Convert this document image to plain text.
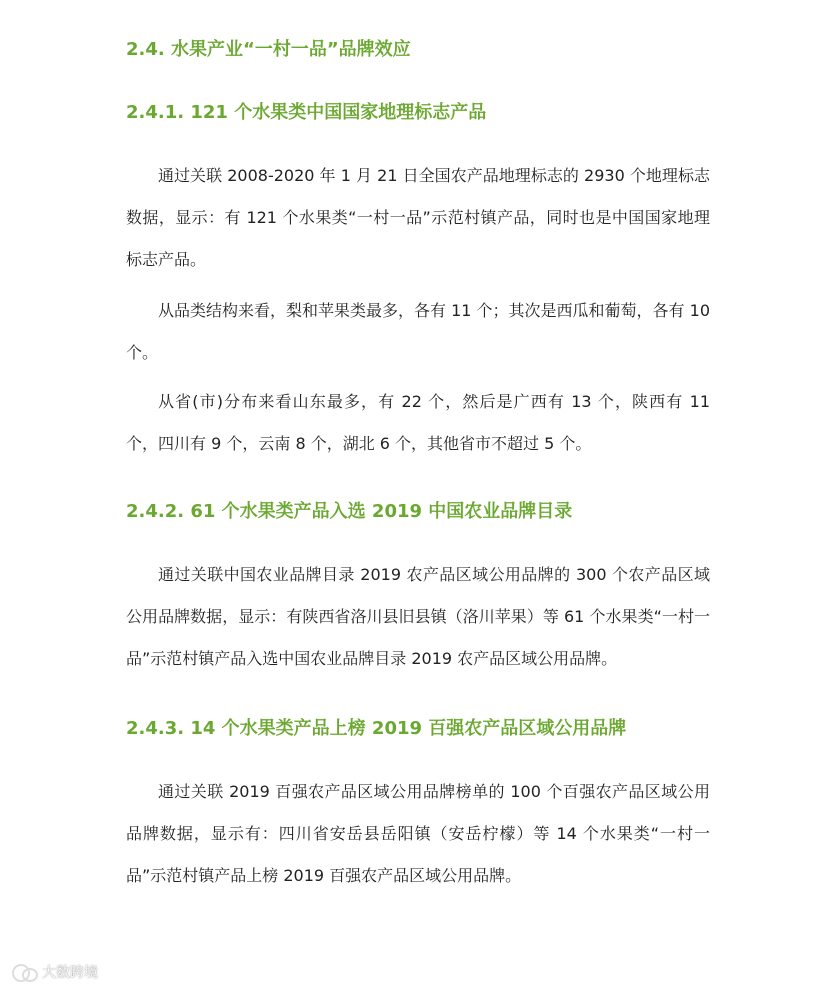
2.4. 水果产业“一村一品”品牌效应
2.4.1. 121 个水果类中国国家地理标志产品

通过关联 2008-2020 年 1 月 21 日全国农产品地理标志的 2930 个地理标志数据，显示：有 121 个水果类“一村一品”示范村镇产品，同时也是中国国家地理标志产品。

从品类结构来看，梨和苹果类最多，各有 11 个；其次是西瓜和葡萄，各有 10 个。

从省(市)分布来看山东最多，有 22 个，然后是广西有 13 个，陕西有 11 个，四川有 9 个，云南 8 个，湖北 6 个，其他省市不超过 5 个。

2.4.2. 61 个水果类产品入选 2019 中国农业品牌目录

通过关联中国农业品牌目录 2019 农产品区域公用品牌的 300 个农产品区域公用品牌数据，显示：有陕西省洛川县旧县镇（洛川苹果）等 61 个水果类“一村一品”示范村镇产品入选中国农业品牌目录 2019 农产品区域公用品牌。

2.4.3. 14 个水果类产品上榜 2019 百强农产品区域公用品牌

通过关联 2019 百强农产品区域公用品牌榜单的 100 个百强农产品区域公用品牌数据，显示有：四川省安岳县岳阳镇（安岳柠檬）等 14 个水果类“一村一品”示范村镇产品上榜 2019 百强农产品区域公用品牌。

大数跨境
